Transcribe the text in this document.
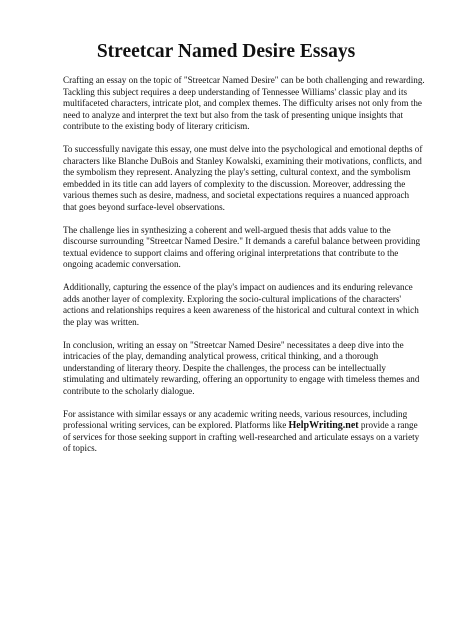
Streetcar Named Desire Essays

Crafting an essay on the topic of "Streetcar Named Desire" can be both challenging and rewarding. Tackling this subject requires a deep understanding of Tennessee Williams' classic play and its multifaceted characters, intricate plot, and complex themes. The difficulty arises not only from the need to analyze and interpret the text but also from the task of presenting unique insights that contribute to the existing body of literary criticism.

To successfully navigate this essay, one must delve into the psychological and emotional depths of characters like Blanche DuBois and Stanley Kowalski, examining their motivations, conflicts, and the symbolism they represent. Analyzing the play's setting, cultural context, and the symbolism embedded in its title can add layers of complexity to the discussion. Moreover, addressing the various themes such as desire, madness, and societal expectations requires a nuanced approach that goes beyond surface-level observations.

The challenge lies in synthesizing a coherent and well-argued thesis that adds value to the discourse surrounding "Streetcar Named Desire." It demands a careful balance between providing textual evidence to support claims and offering original interpretations that contribute to the ongoing academic conversation.

Additionally, capturing the essence of the play's impact on audiences and its enduring relevance adds another layer of complexity. Exploring the socio-cultural implications of the characters' actions and relationships requires a keen awareness of the historical and cultural context in which the play was written.

In conclusion, writing an essay on "Streetcar Named Desire" necessitates a deep dive into the intricacies of the play, demanding analytical prowess, critical thinking, and a thorough understanding of literary theory. Despite the challenges, the process can be intellectually stimulating and ultimately rewarding, offering an opportunity to engage with timeless themes and contribute to the scholarly dialogue.

For assistance with similar essays or any academic writing needs, various resources, including professional writing services, can be explored. Platforms like HelpWriting.net provide a range of services for those seeking support in crafting well-researched and articulate essays on a variety of topics.
